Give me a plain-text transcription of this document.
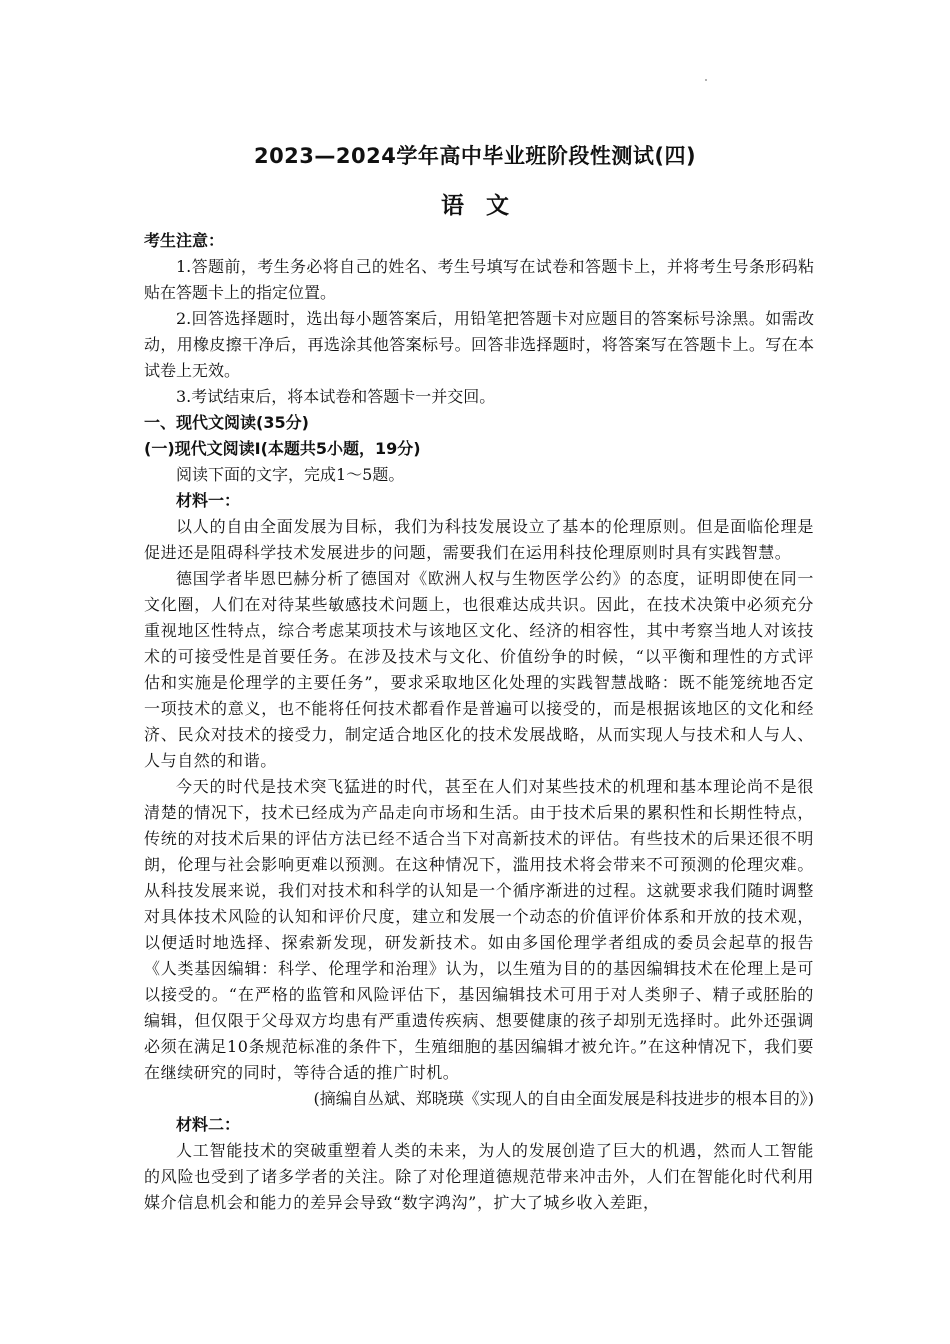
2023—2024学年高中毕业班阶段性测试(四)
语文
考生注意：

1.答题前，考生务必将自己的姓名、考生号填写在试卷和答题卡上，并将考生号条形码粘贴在答题卡上的指定位置。

2.回答选择题时，选出每小题答案后，用铅笔把答题卡对应题目的答案标号涂黑。如需改动，用橡皮擦干净后，再选涂其他答案标号。回答非选择题时，将答案写在答题卡上。写在本试卷上无效。

3.考试结束后，将本试卷和答题卡一并交回。

一、现代文阅读(35分)

(一)现代文阅读Ⅰ(本题共5小题，19分)

阅读下面的文字，完成1～5题。

材料一：

以人的自由全面发展为目标，我们为科技发展设立了基本的伦理原则。但是面临伦理是促进还是阻碍科学技术发展进步的问题，需要我们在运用科技伦理原则时具有实践智慧。

德国学者毕恩巴赫分析了德国对《欧洲人权与生物医学公约》的态度，证明即使在同一文化圈，人们在对待某些敏感技术问题上，也很难达成共识。因此，在技术决策中必须充分重视地区性特点，综合考虑某项技术与该地区文化、经济的相容性，其中考察当地人对该技术的可接受性是首要任务。在涉及技术与文化、价值纷争的时候，“以平衡和理性的方式评估和实施是伦理学的主要任务”，要求采取地区化处理的实践智慧战略：既不能笼统地否定一项技术的意义，也不能将任何技术都看作是普遍可以接受的，而是根据该地区的文化和经济、民众对技术的接受力，制定适合地区化的技术发展战略，从而实现人与技术和人与人、人与自然的和谐。

今天的时代是技术突飞猛进的时代，甚至在人们对某些技术的机理和基本理论尚不是很清楚的情况下，技术已经成为产品走向市场和生活。由于技术后果的累积性和长期性特点，传统的对技术后果的评估方法已经不适合当下对高新技术的评估。有些技术的后果还很不明朗，伦理与社会影响更难以预测。在这种情况下，滥用技术将会带来不可预测的伦理灾难。从科技发展来说，我们对技术和科学的认知是一个循序渐进的过程。这就要求我们随时调整对具体技术风险的认知和评价尺度，建立和发展一个动态的价值评价体系和开放的技术观，以便适时地选择、探索新发现，研发新技术。如由多国伦理学者组成的委员会起草的报告《人类基因编辑：科学、伦理学和治理》认为，以生殖为目的的基因编辑技术在伦理上是可以接受的。“在严格的监管和风险评估下，基因编辑技术可用于对人类卵子、精子或胚胎的编辑，但仅限于父母双方均患有严重遗传疾病、想要健康的孩子却别无选择时。此外还强调必须在满足10条规范标准的条件下，生殖细胞的基因编辑才被允许。”在这种情况下，我们要在继续研究的同时，等待合适的推广时机。

(摘编自丛斌、郑晓瑛《实现人的自由全面发展是科技进步的根本目的》)

材料二：

人工智能技术的突破重塑着人类的未来，为人的发展创造了巨大的机遇，然而人工智能的风险也受到了诸多学者的关注。除了对伦理道德规范带来冲击外，人们在智能化时代利用媒介信息机会和能力的差异会导致“数字鸿沟”，扩大了城乡收入差距，
